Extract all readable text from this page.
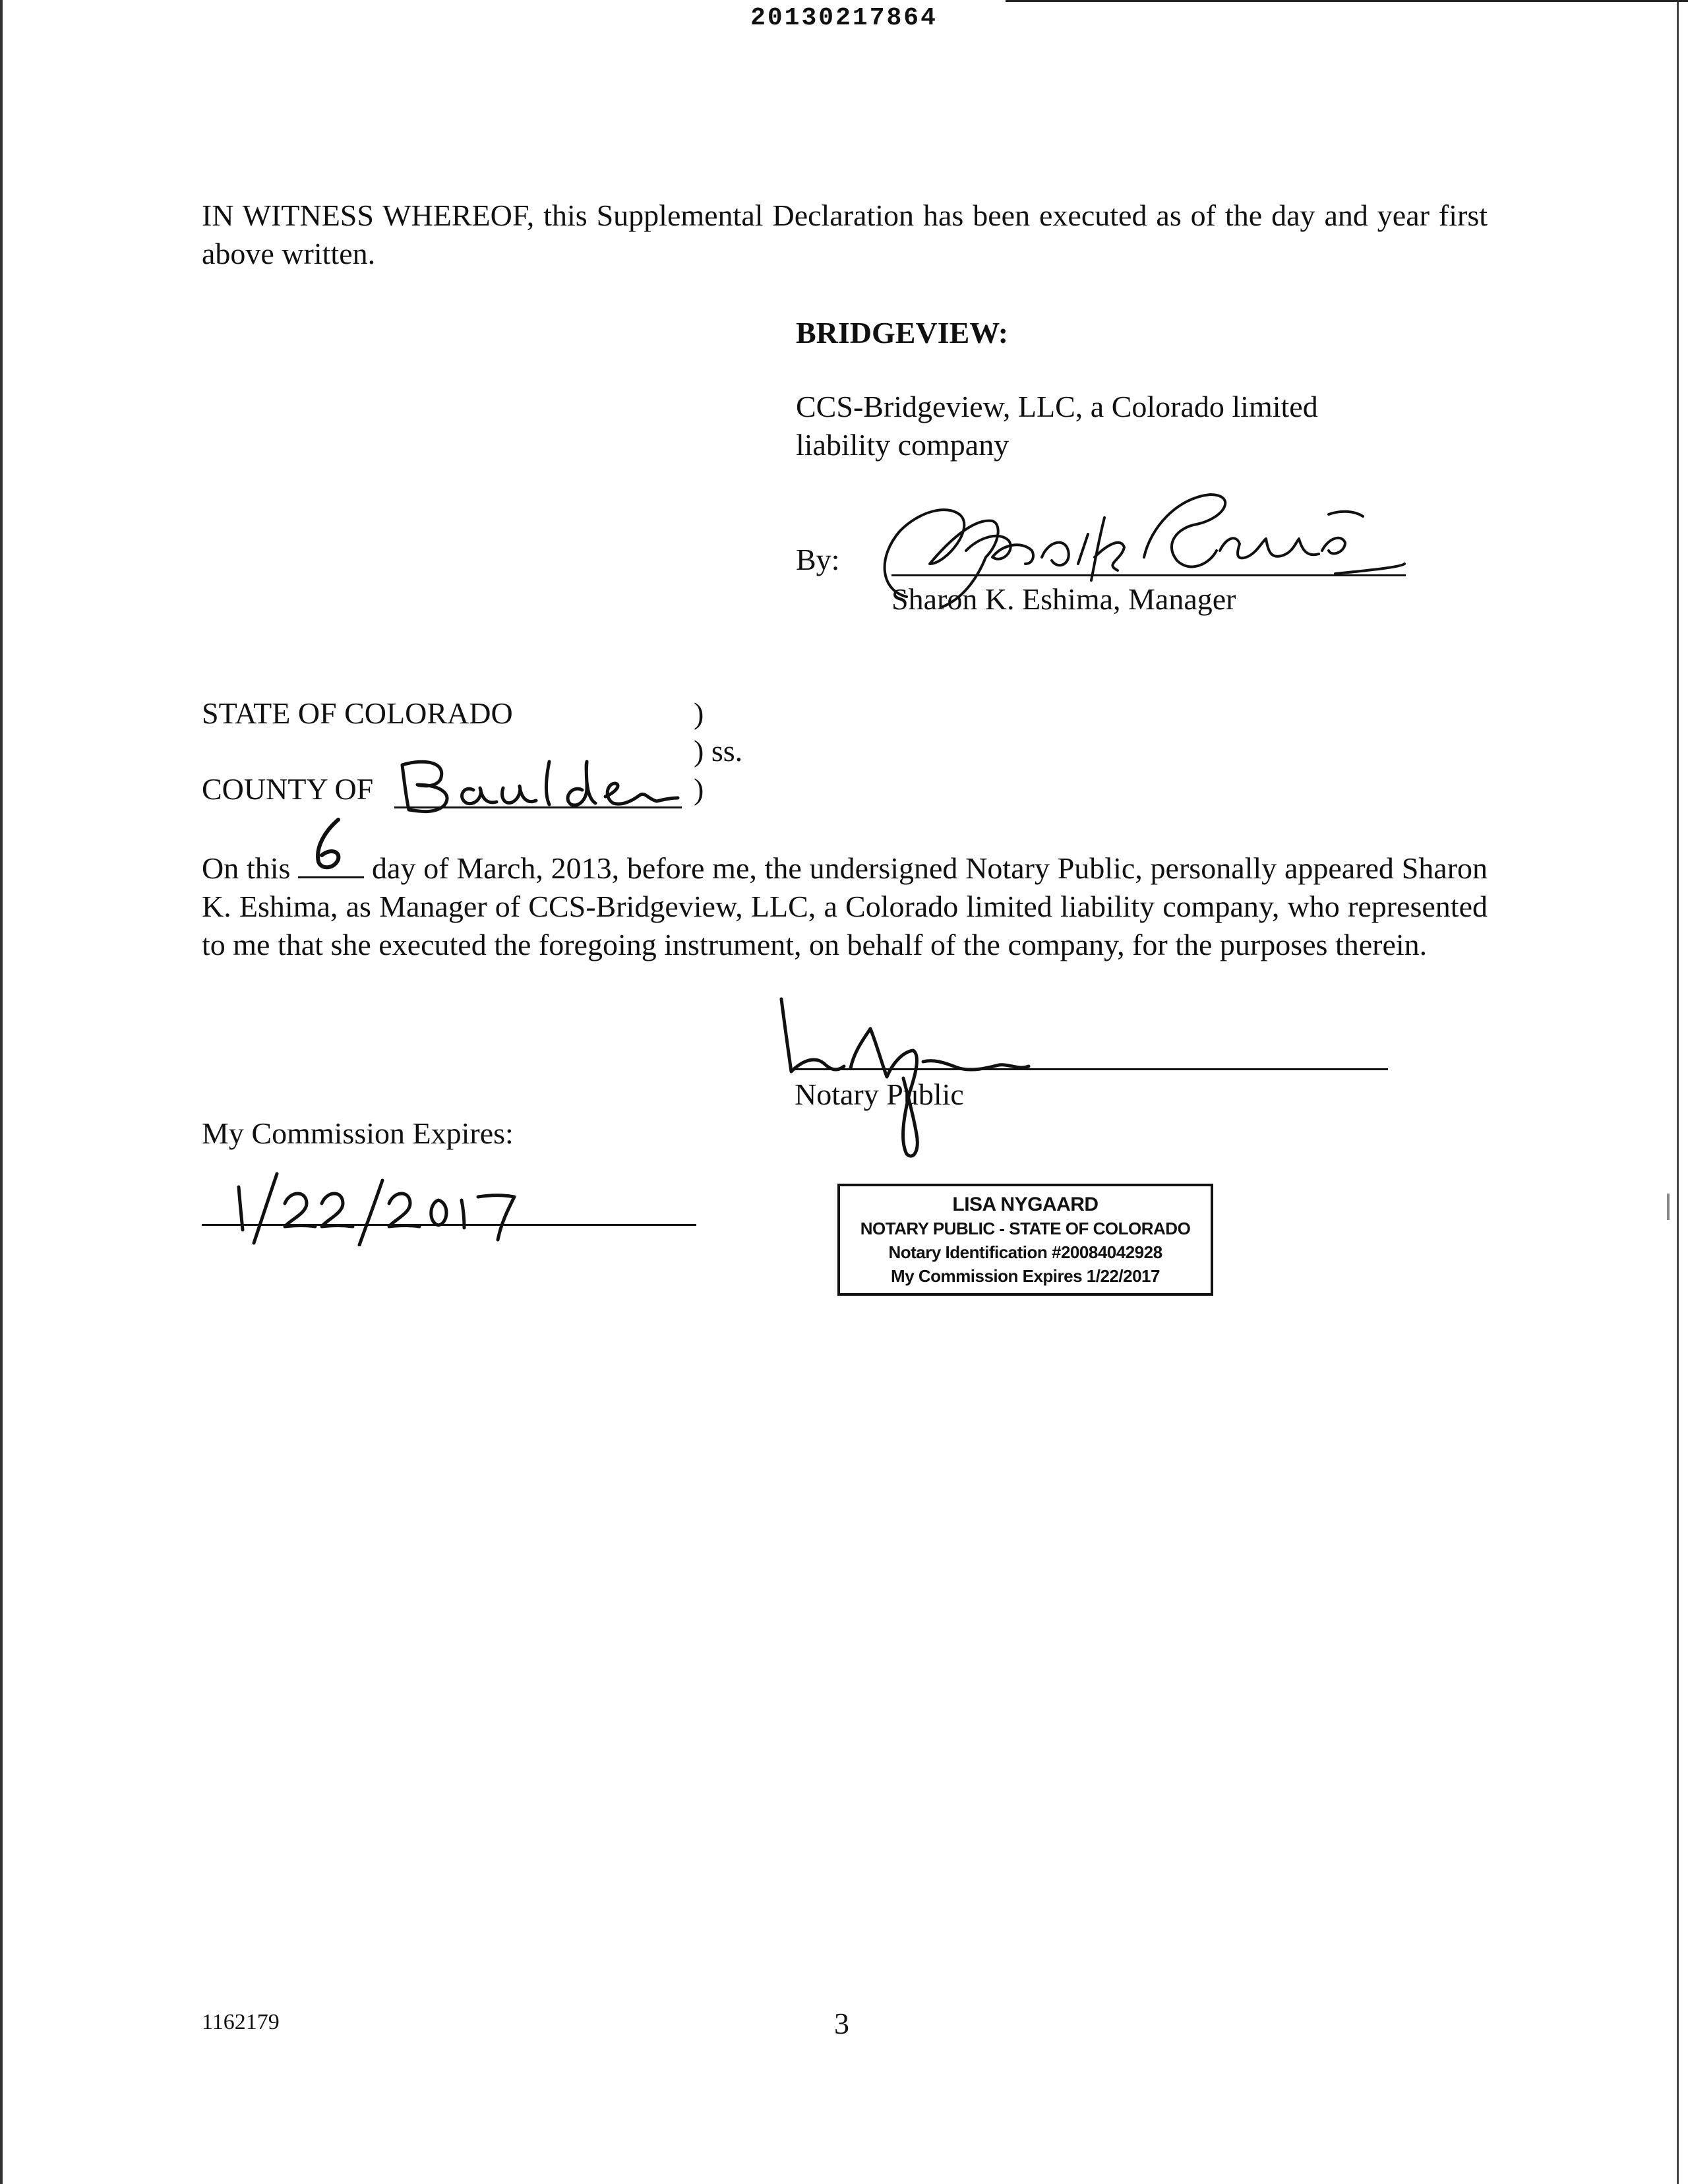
20130217864
IN WITNESS WHEREOF, this Supplemental Declaration has been executed as of the day and year first above written.
BRIDGEVIEW:
CCS-Bridgeview, LLC, a Colorado limited
liability company
By:
Sharon K. Eshima, Manager
STATE OF COLORADO	)
) ss.
)
COUNTY OF
On this	day of March, 2013, before me, the undersigned Notary Public, personally appeared Sharon K. Eshima, as Manager of CCS-Bridgeview, LLC, a Colorado limited liability company, who represented to me that she executed the foregoing instrument, on behalf of the company, for the purposes therein.
Notary Public
My Commission Expires:
LISA NYGAARD
NOTARY PUBLIC - STATE OF COLORADO
Notary Identification #20084042928
My Commission Expires 1/22/2017
1162179	3
